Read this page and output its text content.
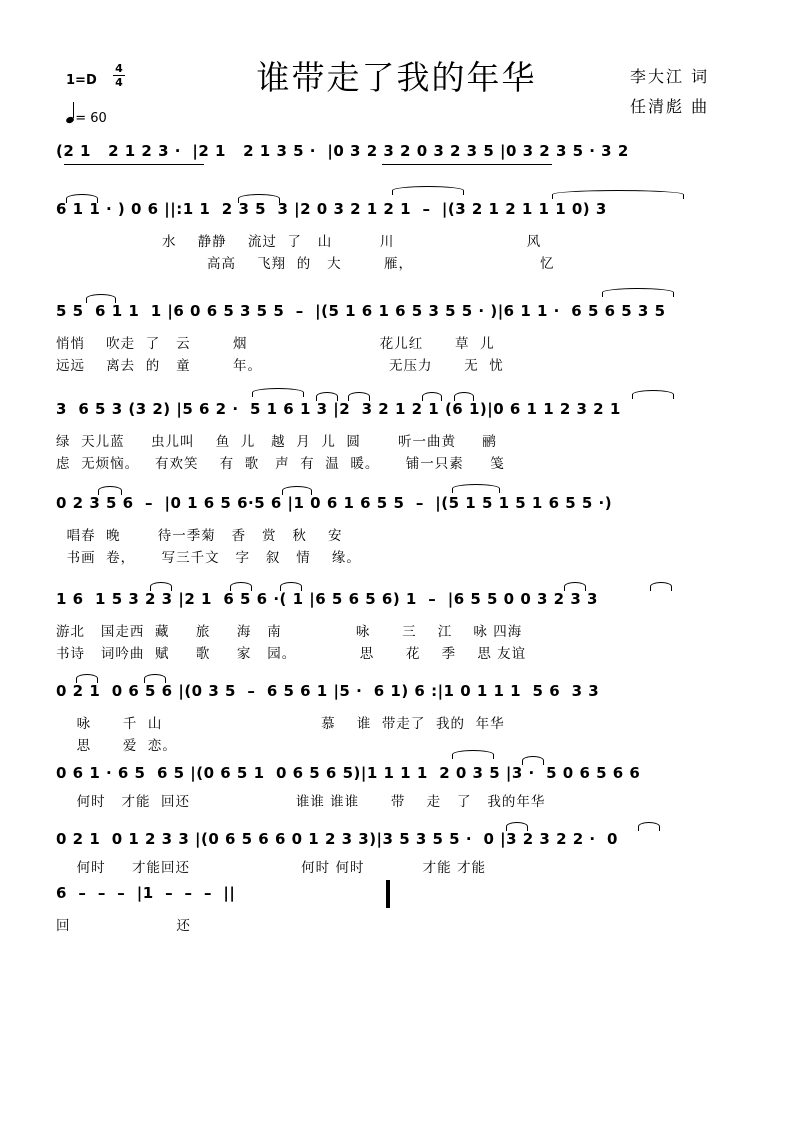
谁带走了我的年华	李大江 词
任清彪 曲
1=D
4
4
= 60
(2 1   2 1 2 3 ·  |2 1   2 1 3 5 ·  |0 3 2 3 2 0 3 2 3 5 |0 3 2 3 5 · 3 2
6 1 1 · ) 0 6 ||:1 1  2 3 5  3 |2 0 3 2 1 2 1  –  |(3 2 1 2 1 1 1 0) 3
水    静静    流过  了   山         川                         风
高高    飞翔  的   大        雁，                        忆
5 5  6 1 1  1 |6 0 6 5 3 5 5  –  |(5 1 6 1 6 5 3 5 5 · )|6 1 1 ·  6 5 6 5 3 5
悄悄    吹走  了   云        烟                         花儿红      草  儿
远远    离去  的   童        年。                        无压力      无  忧
3  6 5 3 (3 2) |5 6 2 ·  5 1 6 1 3 |2  3 2 1 2 1 (6 1)|0 6 1 1 2 3 2 1
绿  天儿蓝     虫儿叫    鱼  儿   越  月  儿  圆       听一曲黄     鹂
虑  无烦恼。   有欢笑    有  歌   声  有  温  暖。     铺一只素     笺
0 2 3 5 6  –  |0 1 6 5 6·5 6 |1 0 6 1 6 5 5  –  |(5 1 5 1 5 1 6 5 5 ·)
唱春  晚       待一季菊   香   赏   秋    安
书画  卷，     写三千文   字   叙   情    缘。
1 6  1 5 3 2 3 |2 1  6 5 6 ·( 1 |6 5 6 5 6) 1  –  |6 5 5 0 0 3 2 3 3
游北   国走西  藏     旅     海   南              咏      三    江    咏 四海
书诗   词吟曲  赋     歌     家   园。            思      花    季    思 友谊
0 2 1  0 6 5 6 |(0 3 5  –  6 5 6 1 |5 ·  6 1) 6 :|1 0 1 1 1  5 6  3 3
咏      千  山                              慕    谁  带走了  我的  年华
思      爱  恋。
0 6 1 · 6 5  6 5 |(0 6 5 1  0 6 5 6 5)|1 1 1 1  2 0 3 5 |3 ·  5 0 6 5 6 6
何时   才能  回还                    谁谁 谁谁      带    走   了   我的年华
0 2 1  0 1 2 3 3 |(0 6 5 6 6 0 1 2 3 3)|3 5 3 5 5 ·  0 |3 2 3 2 2 ·  0
何时     才能回还                     何时 何时           才能 才能
6  –  –  –  |1  –  –  –  ||
回                    还
